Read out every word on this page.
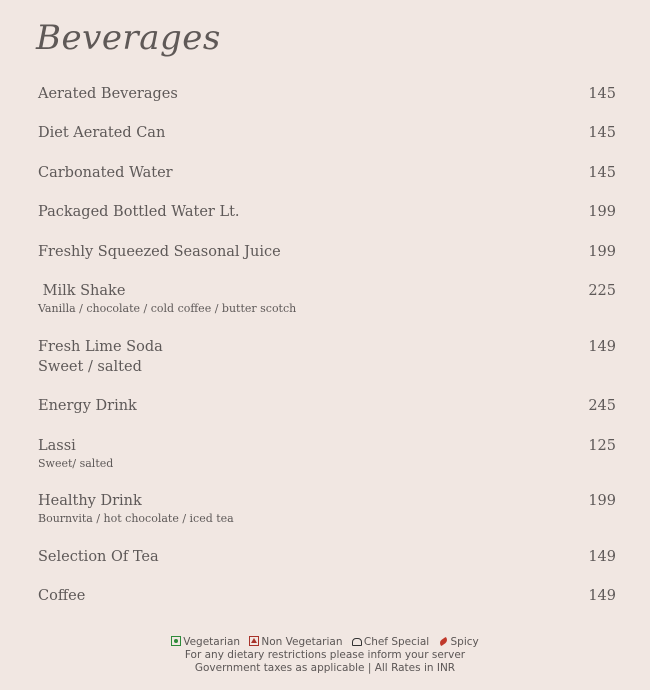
Beverages
Aerated Beverages	145
Diet Aerated Can	145
Carbonated Water	145
Packaged Bottled Water Lt.	199
Freshly Squeezed Seasonal Juice	199
Milk Shake	225
Vanilla / chocolate / cold coffee / butter scotch
Fresh Lime Soda	149
Sweet / salted
Energy Drink	245
Lassi	125
Sweet/ salted
Healthy Drink	199
Bournvita / hot chocolate / iced tea
Selection Of Tea	149
Coffee	149
Vegetarian Non Vegetarian Chef Special Spicy
For any dietary restrictions please inform your server
Government taxes as applicable | All Rates in INR
